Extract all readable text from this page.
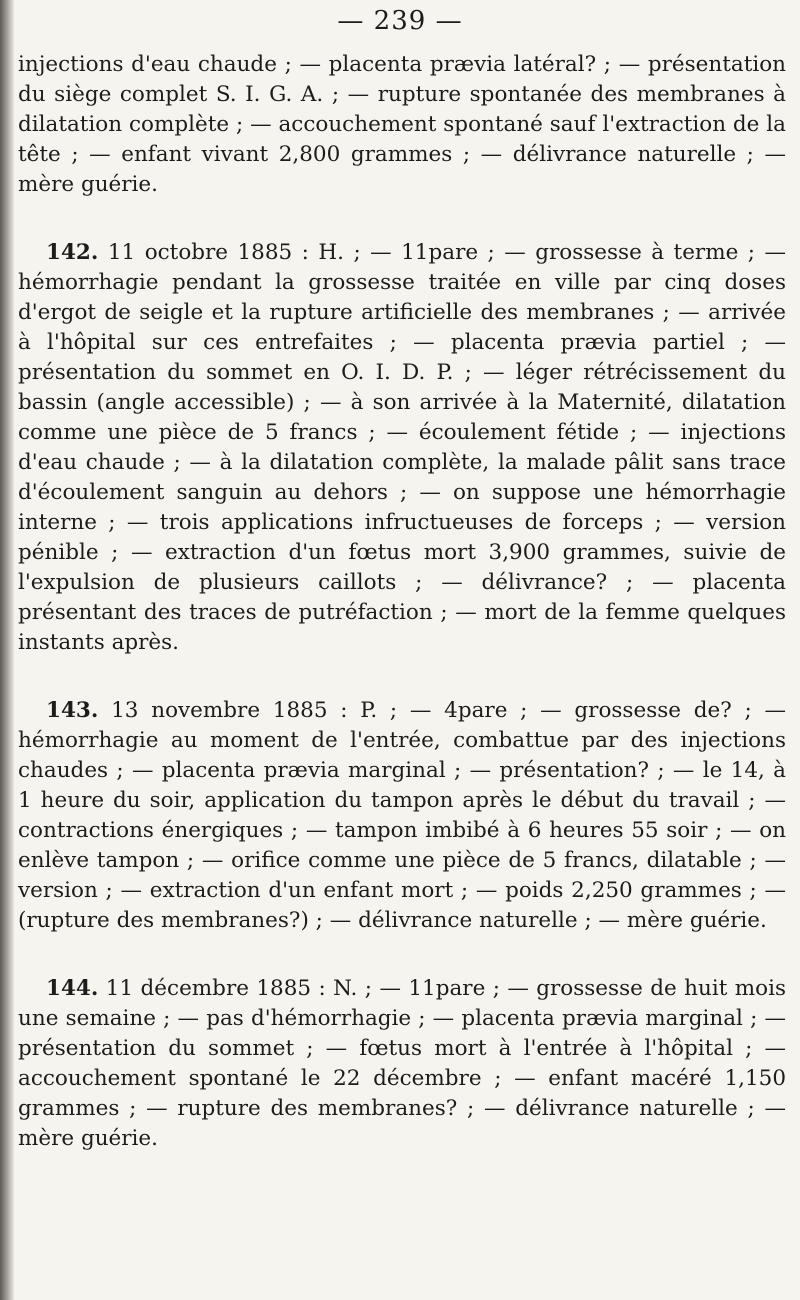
— 239 —

injections d'eau chaude ; — placenta prævia latéral? ; — présentation du siège complet S. I. G. A. ; — rupture spontanée des membranes à dilatation complète ; — accouchement spontané sauf l'extraction de la tête ; — enfant vivant 2,800 grammes ; — délivrance naturelle ; — mère guérie.

142. 11 octobre 1885 : H. ; — 11pare ; — grossesse à terme ; — hémorrhagie pendant la grossesse traitée en ville par cinq doses d'ergot de seigle et la rupture artificielle des membranes ; — arrivée à l'hôpital sur ces entrefaites ; — placenta prævia partiel ; — présentation du sommet en O. I. D. P. ; — léger rétrécissement du bassin (angle accessible) ; — à son arrivée à la Maternité, dilatation comme une pièce de 5 francs ; — écoulement fétide ; — injections d'eau chaude ; — à la dilatation complète, la malade pâlit sans trace d'écoulement sanguin au dehors ; — on suppose une hémorrhagie interne ; — trois applications infructueuses de forceps ; — version pénible ; — extraction d'un fœtus mort 3,900 grammes, suivie de l'expulsion de plusieurs caillots ; — délivrance? ; — placenta présentant des traces de putréfaction ; — mort de la femme quelques instants après.

143. 13 novembre 1885 : P. ; — 4pare ; — grossesse de? ; — hémorrhagie au moment de l'entrée, combattue par des injections chaudes ; — placenta prævia marginal ; — présentation? ; — le 14, à 1 heure du soir, application du tampon après le début du travail ; — contractions énergiques ; — tampon imbibé à 6 heures 55 soir ; — on enlève tampon ; — orifice comme une pièce de 5 francs, dilatable ; — version ; — extraction d'un enfant mort ; — poids 2,250 grammes ; — (rupture des membranes?) ; — délivrance naturelle ; — mère guérie.

144. 11 décembre 1885 : N. ; — 11pare ; — grossesse de huit mois une semaine ; — pas d'hémorrhagie ; — placenta prævia marginal ; — présentation du sommet ; — fœtus mort à l'entrée à l'hôpital ; — accouchement spontané le 22 décembre ; — enfant macéré 1,150 grammes ; — rupture des membranes? ; — délivrance naturelle ; — mère guérie.
